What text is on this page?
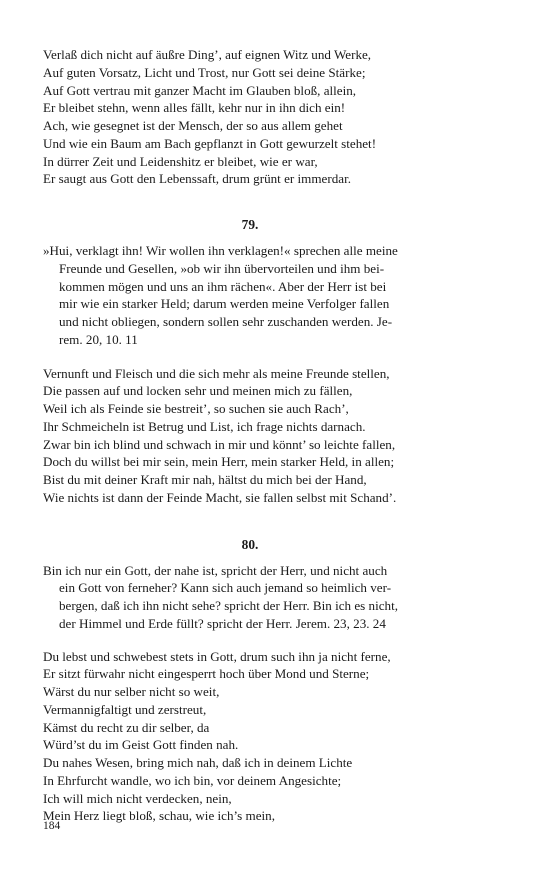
Verlaß dich nicht auf äußre Ding’, auf eignen Witz und Werke,
Auf guten Vorsatz, Licht und Trost, nur Gott sei deine Stärke;
Auf Gott vertrau mit ganzer Macht im Glauben bloß, allein,
Er bleibet stehn, wenn alles fällt, kehr nur in ihn dich ein!
Ach, wie gesegnet ist der Mensch, der so aus allem gehet
Und wie ein Baum am Bach gepflanzt in Gott gewurzelt stehet!
In dürrer Zeit und Leidenshitz er bleibet, wie er war,
Er saugt aus Gott den Lebenssaft, drum grünt er immerdar.
79.
»Hui, verklagt ihn! Wir wollen ihn verklagen!« sprechen alle meine
Freunde und Gesellen, »ob wir ihn übervorteilen und ihm bei-
kommen mögen und uns an ihm rächen«. Aber der Herr ist bei
mir wie ein starker Held; darum werden meine Verfolger fallen
und nicht obliegen, sondern sollen sehr zuschanden werden. Je-
rem. 20, 10. 11
Vernunft und Fleisch und die sich mehr als meine Freunde stellen,
Die passen auf und locken sehr und meinen mich zu fällen,
Weil ich als Feinde sie bestreit’, so suchen sie auch Rach’,
Ihr Schmeicheln ist Betrug und List, ich frage nichts darnach.
Zwar bin ich blind und schwach in mir und könnt’ so leichte fallen,
Doch du willst bei mir sein, mein Herr, mein starker Held, in allen;
Bist du mit deiner Kraft mir nah, hältst du mich bei der Hand,
Wie nichts ist dann der Feinde Macht, sie fallen selbst mit Schand’.
80.
Bin ich nur ein Gott, der nahe ist, spricht der Herr, und nicht auch
ein Gott von ferneher? Kann sich auch jemand so heimlich ver-
bergen, daß ich ihn nicht sehe? spricht der Herr. Bin ich es nicht,
der Himmel und Erde füllt? spricht der Herr. Jerem. 23, 23. 24
Du lebst und schwebest stets in Gott, drum such ihn ja nicht ferne,
Er sitzt fürwahr nicht eingesperrt hoch über Mond und Sterne;
Wärst du nur selber nicht so weit,
Vermannigfaltigt und zerstreut,
Kämst du recht zu dir selber, da
Würd’st du im Geist Gott finden nah.
Du nahes Wesen, bring mich nah, daß ich in deinem Lichte
In Ehrfurcht wandle, wo ich bin, vor deinem Angesichte;
Ich will mich nicht verdecken, nein,
Mein Herz liegt bloß, schau, wie ich’s mein,
184
